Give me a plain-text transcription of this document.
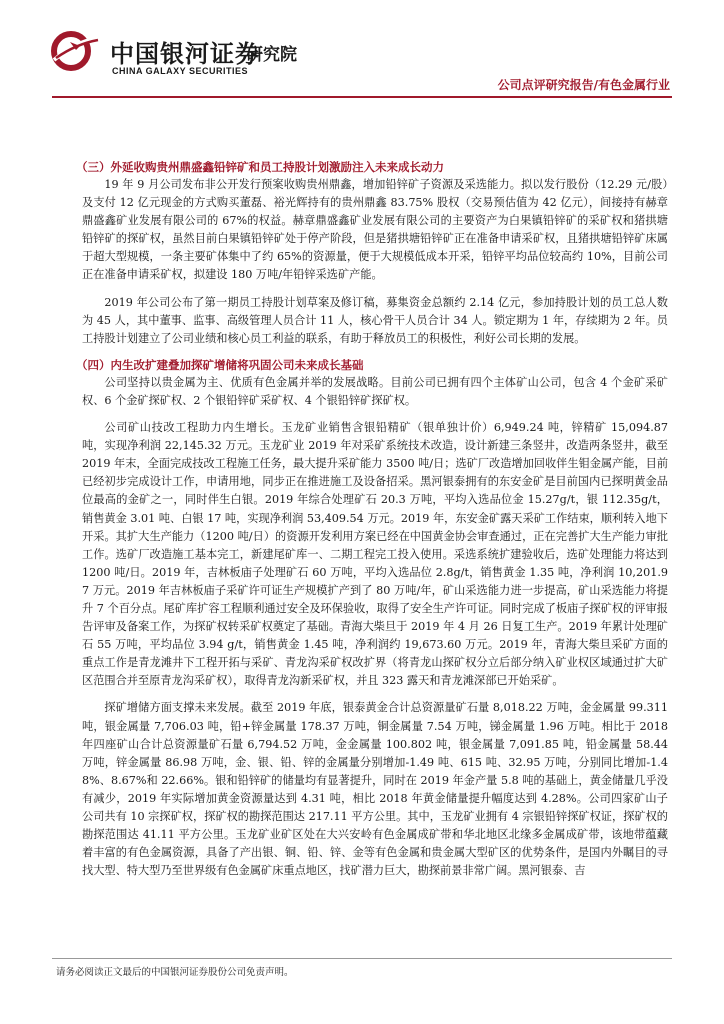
中国银河证券
CHINA GALAXY SECURITIES
研究院
公司点评研究报告/有色金属行业
（三）外延收购贵州鼎盛鑫铅锌矿和员工持股计划激励注入未来成长动力

19 年 9 月公司发布非公开发行预案收购贵州鼎鑫，增加铅锌矿子资源及采选能力。拟以发行股份（12.29 元/股）及支付 12 亿元现金的方式购买董磊、裕光辉持有的贵州鼎鑫 83.75% 股权（交易预估值为 42 亿元），间接持有赫章鼎盛鑫矿业发展有限公司的 67%的权益。赫章鼎盛鑫矿业发展有限公司的主要资产为白果镇铅锌矿的采矿权和猪拱塘铅锌矿的探矿权，虽然目前白果镇铅锌矿处于停产阶段，但是猪拱塘铅锌矿正在准备申请采矿权，且猪拱塘铅锌矿床属于超大型规模，一条主要矿体集中了约 65%的资源量，便于大规模低成本开采，铅锌平均品位较高约 10%，目前公司正在准备申请采矿权，拟建设 180 万吨/年铅锌采选矿产能。

2019 年公司公布了第一期员工持股计划草案及修订稿，募集资金总额约 2.14 亿元，参加持股计划的员工总人数为 45 人，其中董事、监事、高级管理人员合计 11 人，核心骨干人员合计 34 人。锁定期为 1 年，存续期为 2 年。员工持股计划建立了公司业绩和核心员工利益的联系，有助于释放员工的积极性，利好公司长期的发展。

（四）内生改扩建叠加探矿增储将巩固公司未来成长基础

公司坚持以贵金属为主、优质有色金属并举的发展战略。目前公司已拥有四个主体矿山公司，包含 4 个金矿采矿权、6 个金矿探矿权、2 个银铅锌矿采矿权、4 个银铅锌矿探矿权。

公司矿山技改工程助力内生增长。玉龙矿业销售含银铅精矿（银单独计价）6,949.24 吨，锌精矿 15,094.87 吨，实现净利润 22,145.32 万元。玉龙矿业 2019 年对采矿系统技术改造，设计新建三条竖井，改造两条竖井，截至 2019 年末，全面完成技改工程施工任务，最大提升采矿能力 3500 吨/日；选矿厂改造增加回收伴生钼金属产能，目前已经初步完成设计工作，申请用地，同步正在推进施工及设备招采。黑河银泰拥有的东安金矿是目前国内已探明黄金品位最高的金矿之一，同时伴生白银。2019 年综合处理矿石 20.3 万吨，平均入选品位金 15.27g/t，银 112.35g/t，销售黄金 3.01 吨、白银 17 吨，实现净利润 53,409.54 万元。2019 年，东安金矿露天采矿工作结束，顺利转入地下开采。其扩大生产能力（1200 吨/日）的资源开发利用方案已经在中国黄金协会审查通过，正在完善扩大生产能力审批工作。选矿厂改造施工基本完工，新建尾矿库一、二期工程完工投入使用。采选系统扩建验收后，选矿处理能力将达到 1200 吨/日。2019 年，吉林板庙子处理矿石 60 万吨，平均入选品位 2.8g/t，销售黄金 1.35 吨，净利润 10,201.97 万元。2019 年吉林板庙子采矿许可证生产规模扩产到了 80 万吨/年，矿山采选能力进一步提高，矿山采选能力将提升 7 个百分点。尾矿库扩容工程顺利通过安全及环保验收，取得了安全生产许可证。同时完成了板庙子探矿权的评审报告评审及备案工作，为探矿权转采矿权奠定了基础。青海大柴旦于 2019 年 4 月 26 日复工生产。2019 年累计处理矿石 55 万吨，平均品位 3.94 g/t，销售黄金 1.45 吨，净利润约 19,673.60 万元。2019 年，青海大柴旦采矿方面的重点工作是青龙滩井下工程开拓与采矿、青龙沟采矿权改扩界（将青龙山探矿权分立后部分纳入矿业权区域通过扩大矿区范围合并至原青龙沟采矿权），取得青龙沟新采矿权，并且 323 露天和青龙滩深部已开始采矿。

探矿增储方面支撑未来发展。截至 2019 年底，银泰黄金合计总资源量矿石量 8,018.22 万吨，金金属量 99.311 吨，银金属量 7,706.03 吨，铅+锌金属量 178.37 万吨，铜金属量 7.54 万吨，锑金属量 1.96 万吨。相比于 2018 年四座矿山合计总资源量矿石量 6,794.52 万吨，金金属量 100.802 吨，银金属量 7,091.85 吨，铅金属量 58.44 万吨，锌金属量 86.98 万吨，金、银、铅、锌的金属量分别增加-1.49 吨、615 吨、32.95 万吨，分别同比增加-1.48%、8.67%和 22.66%。银和铅锌矿的储量均有显著提升，同时在 2019 年金产量 5.8 吨的基础上，黄金储量几乎没有减少，2019 年实际增加黄金资源量达到 4.31 吨，相比 2018 年黄金储量提升幅度达到 4.28%。公司四家矿山子公司共有 10 宗探矿权，探矿权的勘探范围达 217.11 平方公里。其中，玉龙矿业拥有 4 宗银铅锌探矿权证，探矿权的勘探范围达 41.11 平方公里。玉龙矿业矿区处在大兴安岭有色金属成矿带和华北地区北缘多金属成矿带，该地带蕴藏着丰富的有色金属资源，具备了产出银、铜、铅、锌、金等有色金属和贵金属大型矿区的优势条件，是国内外瞩目的寻找大型、特大型乃至世界级有色金属矿床重点地区，找矿潜力巨大，勘探前景非常广阔。黑河银泰、吉

请务必阅读正文最后的中国银河证券股份公司免责声明。
